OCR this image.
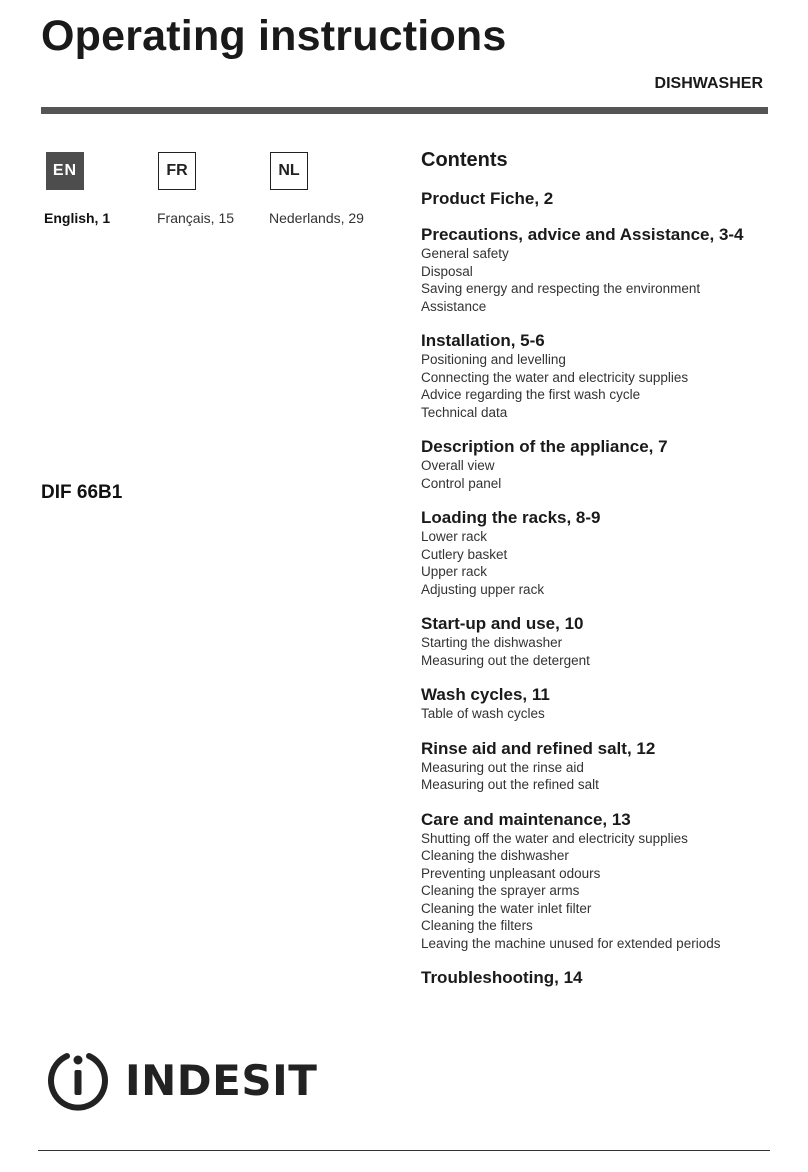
Operating instructions
DISHWASHER
EN	FR	NL
English, 1	Français, 15 Nederlands, 29
DIF 66B1
Contents
Product Fiche, 2
Precautions, advice and Assistance, 3-4
General safety
Disposal
Saving energy and respecting the environment
Assistance
Installation, 5-6
Positioning and levelling
Connecting the water and electricity supplies
Advice regarding the first wash cycle
Technical data
Description of the appliance, 7
Overall view
Control panel
Loading the racks, 8-9
Lower rack
Cutlery basket
Upper rack
Adjusting upper rack
Start-up and use, 10
Starting the dishwasher
Measuring out the detergent
Wash cycles, 11
Table of wash cycles
Rinse aid and refined salt, 12
Measuring out the rinse aid
Measuring out the refined salt
Care and maintenance, 13
Shutting off the water and electricity supplies
Cleaning the dishwasher
Preventing unpleasant odours
Cleaning the sprayer arms
Cleaning the water inlet filter
Cleaning the filters
Leaving the machine unused for extended periods
Troubleshooting, 14
INDESIT
